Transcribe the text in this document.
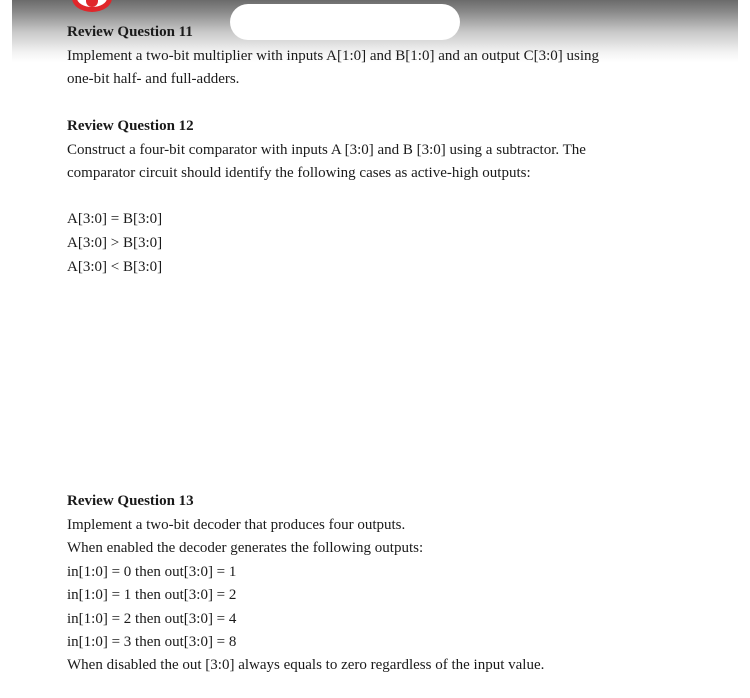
Review Question 11
Implement a two-bit multiplier with inputs A[1:0] and B[1:0] and an output C[3:0] using
one-bit half- and full-adders.
Review Question 12
Construct a four-bit comparator with inputs A [3:0] and B [3:0] using a subtractor. The
comparator circuit should identify the following cases as active-high outputs:
A[3:0] = B[3:0]
A[3:0] > B[3:0]
A[3:0] < B[3:0]
Review Question 13
Implement a two-bit decoder that produces four outputs.
When enabled the decoder generates the following outputs:
in[1:0] = 0 then out[3:0] = 1
in[1:0] = 1 then out[3:0] = 2
in[1:0] = 2 then out[3:0] = 4
in[1:0] = 3 then out[3:0] = 8
When disabled the out [3:0] always equals to zero regardless of the input value.
